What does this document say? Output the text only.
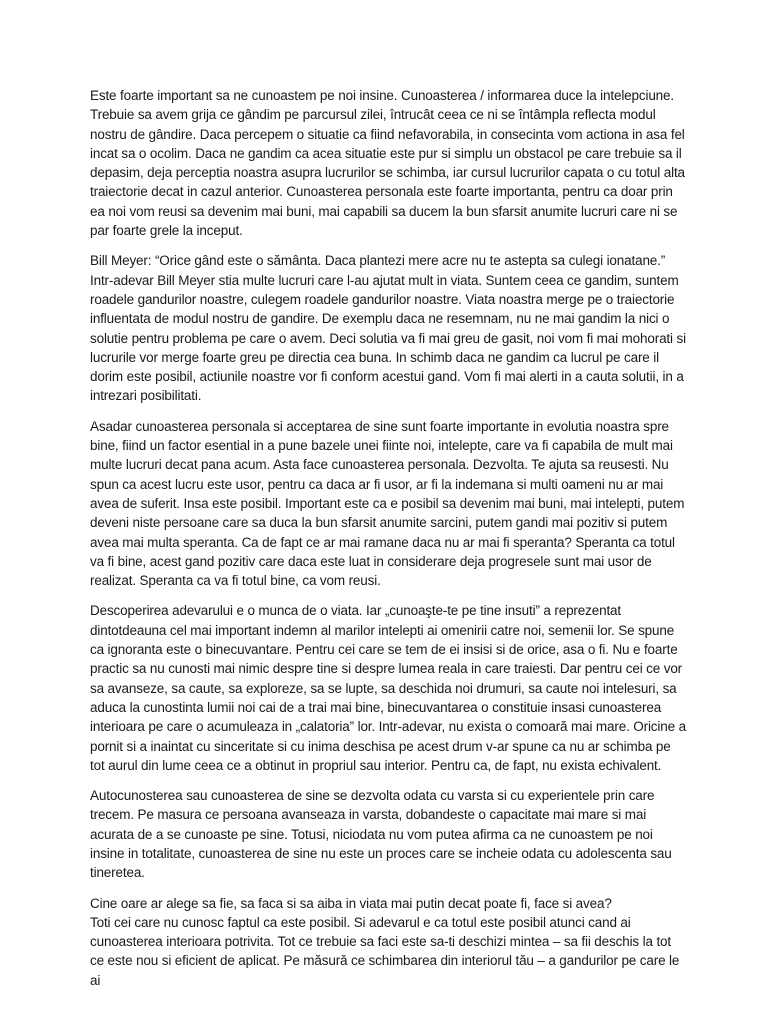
Este foarte important sa ne cunoastem pe noi insine. Cunoasterea / informarea duce la intelepciune. Trebuie sa avem grija ce gândim pe parcursul zilei, întrucât ceea ce ni se întâmpla reflecta modul nostru de gândire. Daca percepem o situatie ca fiind nefavorabila, in consecinta vom actiona in asa fel incat sa o ocolim. Daca ne gandim ca acea situatie este pur si simplu un obstacol pe care trebuie sa il depasim, deja perceptia noastra asupra lucrurilor se schimba, iar cursul lucrurilor capata o cu totul alta traiectorie decat in cazul anterior. Cunoasterea personala este foarte importanta, pentru ca doar prin ea noi vom reusi sa devenim mai buni, mai capabili sa ducem la bun sfarsit anumite lucruri care ni se par foarte grele la inceput.

Bill Meyer: “Orice gând este o sământa. Daca plantezi mere acre nu te astepta sa culegi ionatane.” Intr-adevar Bill Meyer stia multe lucruri care l-au ajutat mult in viata. Suntem ceea ce gandim, suntem roadele gandurilor noastre, culegem roadele gandurilor noastre. Viata noastra merge pe o traiectorie influentata de modul nostru de gandire. De exemplu daca ne resemnam, nu ne mai gandim la nici o solutie pentru problema pe care o avem. Deci solutia va fi mai greu de gasit, noi vom fi mai mohorati si lucrurile vor merge foarte greu pe directia cea buna. In schimb daca ne gandim ca lucrul pe care il dorim este posibil, actiunile noastre vor fi conform acestui gand. Vom fi mai alerti in a cauta solutii, in a intrezari posibilitati.

Asadar cunoasterea personala si acceptarea de sine sunt foarte importante in evolutia noastra spre bine, fiind un factor esential in a pune bazele unei fiinte noi, intelepte, care va fi capabila de mult mai multe lucruri decat pana acum. Asta face cunoasterea personala. Dezvolta. Te ajuta sa reusesti. Nu spun ca acest lucru este usor, pentru ca daca ar fi usor, ar fi la indemana si multi oameni nu ar mai avea de suferit. Insa este posibil. Important este ca e posibil sa devenim mai buni, mai intelepti, putem deveni niste persoane care sa duca la bun sfarsit anumite sarcini, putem gandi mai pozitiv si putem avea mai multa speranta. Ca de fapt ce ar mai ramane daca nu ar mai fi speranta? Speranta ca totul va fi bine, acest gand pozitiv care daca este luat in considerare deja progresele sunt mai usor de realizat. Speranta ca va fi totul bine, ca vom reusi.

Descoperirea adevarului e o munca de o viata. Iar „cunoaşte-te pe tine insuti” a reprezentat dintotdeauna cel mai important indemn al marilor intelepti ai omenirii catre noi, semenii lor. Se spune ca ignoranta este o binecuvantare. Pentru cei care se tem de ei insisi si de orice, asa o fi. Nu e foarte practic sa nu cunosti mai nimic despre tine si despre lumea reala in care traiesti. Dar pentru cei ce vor sa avanseze, sa caute, sa exploreze, sa se lupte, sa deschida noi drumuri, sa caute noi intelesuri, sa aduca la cunostinta lumii noi cai de a trai mai bine, binecuvantarea o constituie insasi cunoasterea interioara pe care o acumuleaza in „calatoria” lor. Intr-adevar, nu exista o comoară mai mare. Oricine a pornit si a inaintat cu sinceritate si cu inima deschisa pe acest drum v-ar spune ca nu ar schimba pe tot aurul din lume ceea ce a obtinut in propriul sau interior. Pentru ca, de fapt, nu exista echivalent.

Autocunosterea sau cunoasterea de sine se dezvolta odata cu varsta si cu experientele prin care trecem. Pe masura ce persoana avanseaza in varsta, dobandeste o capacitate mai mare si mai acurata de a se cunoaste pe sine. Totusi, niciodata nu vom putea afirma ca ne cunoastem pe noi insine in totalitate, cunoasterea de sine nu este un proces care se incheie odata cu adolescenta sau tineretea.

Cine oare ar alege sa fie, sa faca si sa aiba in viata mai putin decat poate fi, face si avea?
Toti cei care nu cunosc faptul ca este posibil. Si adevarul e ca totul este posibil atunci cand ai cunoasterea interioara potrivita. Tot ce trebuie sa faci este sa-ti deschizi mintea – sa fii deschis la tot ce este nou si eficient de aplicat. Pe măsură ce schimbarea din interiorul tău – a gandurilor pe care le ai
